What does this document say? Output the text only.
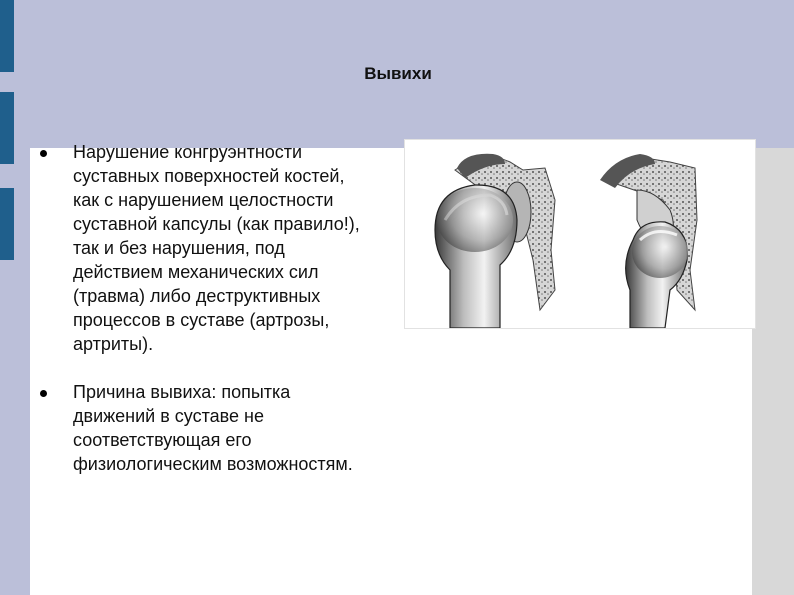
Вывихи
Нарушение конгруэнтности суставных поверхностей костей, как с нарушением целостности суставной капсулы (как правило!), так и без нарушения, под действием механических сил (травма) либо деструктивных процессов в суставе (артрозы, артриты).
Причина вывиха: попытка движений в суставе не соответствующая его физиологическим возможностям.
